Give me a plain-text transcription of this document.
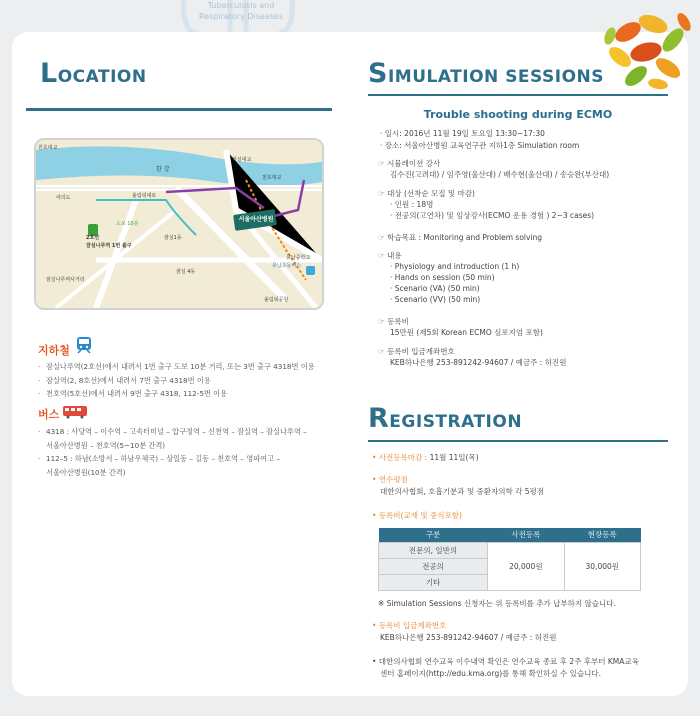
Tuberculosis and
Respiratory Diseases
LOCATION
서울아산병원
원효대교
한 강
잠실대교
천호대교
올림픽대로
여의도
도보 10분
2호선
잠실나루역 1번 출구
잠실1동
잠실나루역사거리
잠실 4동
풍납중학교
풍납초등버스
올림픽공원
지하철
· 잠실나루역(2호선)에서 내려서 1번 출구 도보 10분 거리, 또는 3번 출구 4318번 이용
· 잠실역(2, 8호선)에서 내려서 7번 출구 4318번 이용
· 천호역(5호선)에서 내려서 9번 출구 4318, 112-5번 이용
버스
· 4318 : 사당역 – 이수역 – 고속터미널 – 압구정역 – 신천역 – 잠실역 – 잠실나루역 –
서울아산병원 – 천호역(5~10분 간격)
· 112–5 : 하남(소방서 – 하남우체국) – 상일동 – 길동 – 천호역 – 영파여고 –
서울아산병원(10분 간격)
SIMULATION SESSIONS
Trouble shooting during ECMO
· 일시: 2016년 11월 19일 토요일 13:30~17:30
· 장소: 서울아산병원 교육연구관 지하1층 Simulation room
☞ 시뮬레이션 강사
김수진(고려대) / 임주영(울산대) / 배수현(울산대) / 송승완(부산대)
☞ 대상 (선착순 모집 및 마감)
· 인원 : 18명
· 전공의(고연차) 및 임상강사(ECMO 운용 경험 ) 2~3 cases)
☞ 학습목표 : Monitoring and Problem solving
☞ 내용
· Physiology and introduction (1 h)
· Hands on session (50 min)
· Scenario (VA) (50 min)
· Scenario (VV) (50 min)
☞ 등록비
15만원 (제5회 Korean ECMO 심포지엄 포함)
☞ 등록비 입금계좌번호
KEB하나은행 253-891242-94607 / 예금주 : 허진원
REGISTRATION
• 사전등록마감 : 11월 11일(목)
• 연수평점
대한의사협회, 호흡기분과 및 중환자의학 각 5평점
• 등록비(교재 및 중식포함)
구분	사전등록	현장등록
전문의, 일반의	20,000원	30,000원
전공의		
기타		
※ Simulation Sessions 신청자는 위 등록비를 추가 납부하지 않습니다.
• 등록비 입금계좌번호
KEB하나은행 253-891242-94607 / 예금주 : 허진원
• 대한의사협회 연수교육 이수내역 확인은 연수교육 종료 후 2주 후부터 KMA교육
센터 홈페이지(http://edu.kma.org)를 통해 확인하실 수 있습니다.
